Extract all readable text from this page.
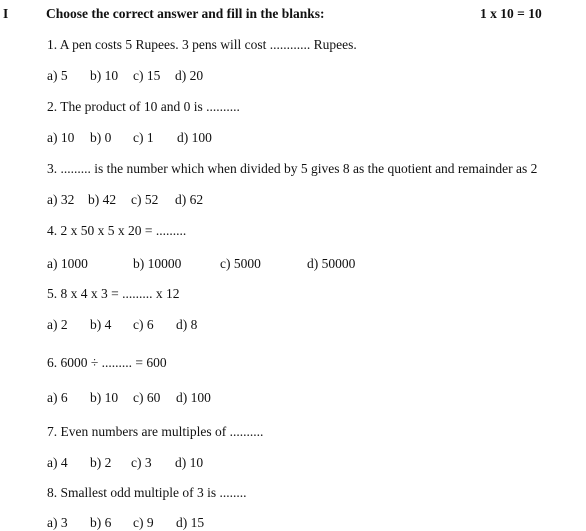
I	Choose the correct answer and fill in the blanks:	1 x 10 = 10
1. A pen costs 5 Rupees. 3 pens will cost ............ Rupees.
a) 5 b) 10 c) 15 d) 20
2. The product of 10 and 0 is ..........
a) 10 b) 0 c) 1 d) 100
3. ......... is the number which when divided by 5 gives 8 as the quotient and remainder as 2
a) 32 b) 42 c) 52 d) 62
4. 2 x 50 x 5 x 20 = .........
a) 1000	b) 10000	c) 5000	d) 50000
5. 8 x 4 x 3 = ......... x 12
a) 2 b) 4 c) 6 d) 8
6. 6000 ÷ ......... = 600
a) 6 b) 10 c) 60 d) 100
7. Even numbers are multiples of ..........
a) 4 b) 2 c) 3 d) 10
8. Smallest odd multiple of 3 is ........
a) 3 b) 6 c) 9 d) 15
